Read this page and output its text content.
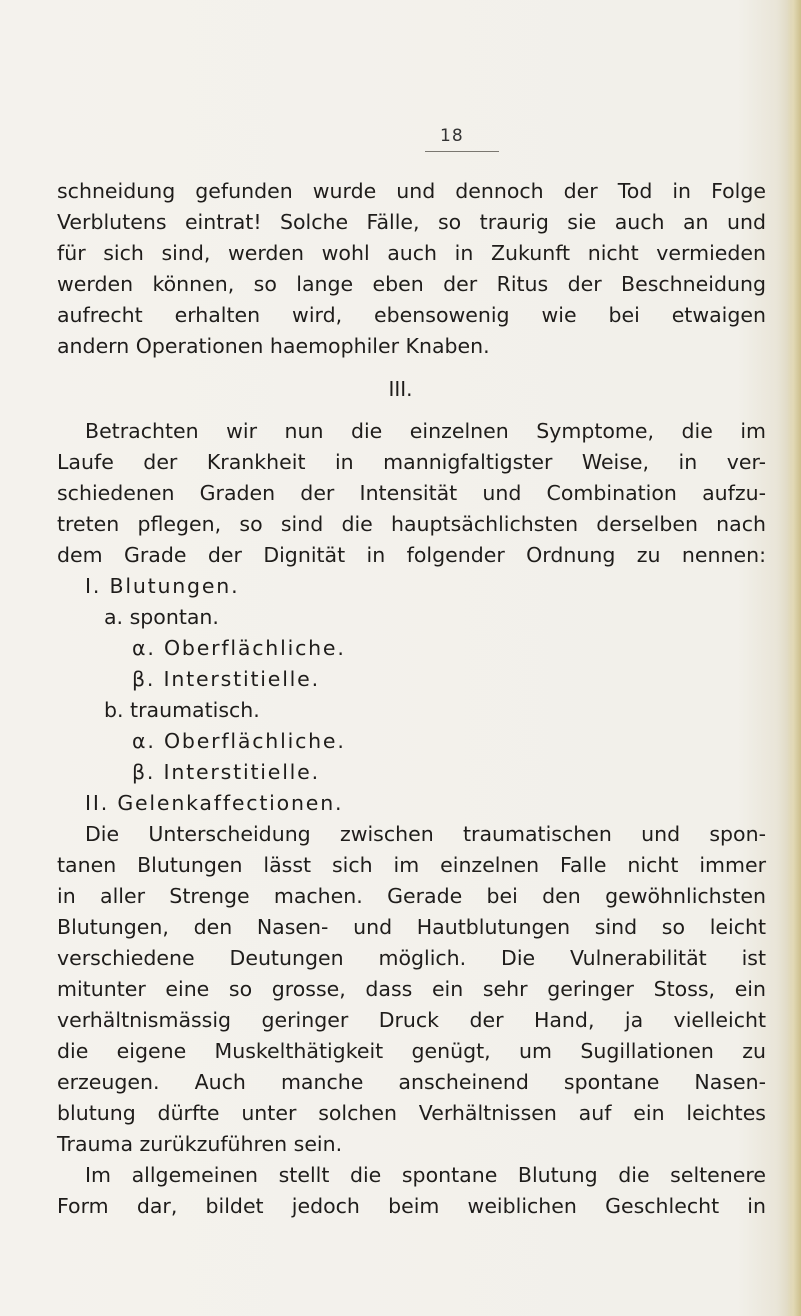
18
schneidung gefunden wurde und dennoch der Tod in Folge
Verblutens eintrat! Solche Fälle, so traurig sie auch an und
für sich sind, werden wohl auch in Zukunft nicht vermieden
werden können, so lange eben der Ritus der Beschneidung
aufrecht erhalten wird, ebensowenig wie bei etwaigen
andern Operationen haemophiler Knaben.
III.
Betrachten wir nun die einzelnen Symptome, die im
Laufe der Krankheit in mannigfaltigster Weise, in ver-
schiedenen Graden der Intensität und Combination aufzu-
treten pflegen, so sind die hauptsächlichsten derselben nach
dem Grade der Dignität in folgender Ordnung zu nennen:
I. Blutungen.
a. spontan.
α. Oberflächliche.
β. Interstitielle.
b. traumatisch.
α. Oberflächliche.
β. Interstitielle.
II. Gelenkaffectionen.
Die Unterscheidung zwischen traumatischen und spon-
tanen Blutungen lässt sich im einzelnen Falle nicht immer
in aller Strenge machen. Gerade bei den gewöhnlichsten
Blutungen, den Nasen- und Hautblutungen sind so leicht
verschiedene Deutungen möglich. Die Vulnerabilität ist
mitunter eine so grosse, dass ein sehr geringer Stoss, ein
verhältnismässig geringer Druck der Hand, ja vielleicht
die eigene Muskelthätigkeit genügt, um Sugillationen zu
erzeugen. Auch manche anscheinend spontane Nasen-
blutung dürfte unter solchen Verhältnissen auf ein leichtes
Trauma zurükzuführen sein.
Im allgemeinen stellt die spontane Blutung die seltenere
Form dar, bildet jedoch beim weiblichen Geschlecht in
